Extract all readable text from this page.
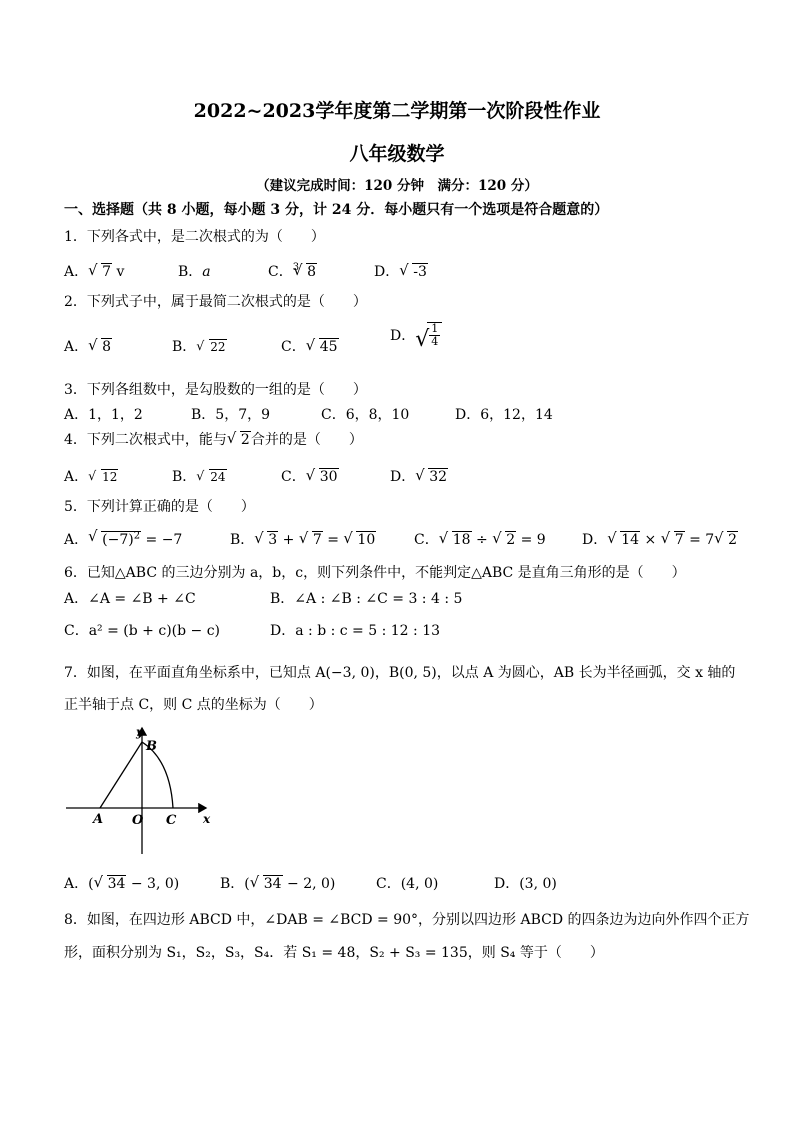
2022~2023学年度第二学期第一次阶段性作业
八年级数学
（建议完成时间：120 分钟　满分：120 分）
一、选择题（共 8 小题，每小题 3 分，计 24 分．每小题只有一个选项是符合题意的）
1．下列各式中，是二次根式的为（　　）
A． √ 7 v	B．a	C．$^3$ √ 8	D． √ -3
2．下列式子中，属于最简二次根式的是（　　）
A． √ 8	B． √ 22	C． √ 45
D． √ $\frac{1}{4}$
3．下列各组数中，是勾股数的一组的是（　　）
A．1，1，2	B．5，7，9	C．6，8，10	D．6，12，14
4．下列二次根式中，能与 √ 2合并的是（　　）
A． √ 12	B． √ 24	C． √ 30	D． √ 32
5．下列计算正确的是（　　）
A． √ $(-7)^2 = -7$	B． √ 3 + √ 7 = √ 10	C． √ 18 ÷ √ 2 = 9	D． √ 14 × √ 7 = 7 √ 2
6．已知△ABC 的三边分别为 a，b，c，则下列条件中，不能判定△ABC 是直角三角形的是（　　）
A．∠A = ∠B + ∠C	B．∠A : ∠B : ∠C = 3 : 4 : 5
C．a² = (b + c)(b − c)	D．a : b : c = 5 : 12 : 13
7．如图，在平面直角坐标系中，已知点 A(−3, 0)，B(0, 5)，以点 A 为圆心，AB 长为半径画弧，交 x 轴的
正半轴于点 C，则 C 点的坐标为（　　）
y
x
B
A O C
A．( √ 34 − 3, 0)	B．( √ 34 − 2, 0)	C．(4, 0)	D．(3, 0)
8．如图，在四边形 ABCD 中，∠DAB = ∠BCD = 90°，分别以四边形 ABCD 的四条边为边向外作四个正方
形，面积分别为 S₁，S₂，S₃，S₄．若 S₁ = 48，S₂ + S₃ = 135，则 S₄ 等于（　　）
